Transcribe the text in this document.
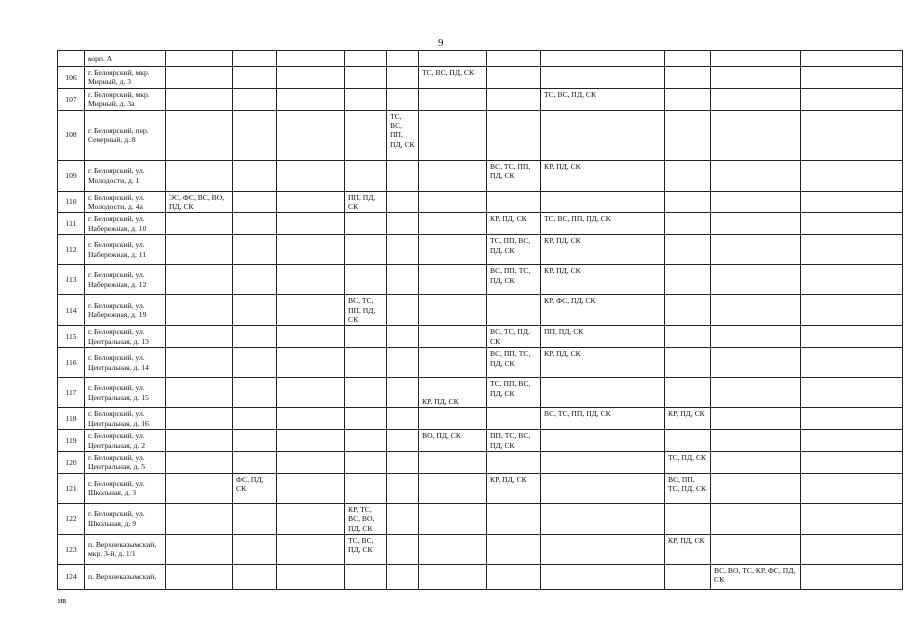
9
	корп. А											
106	г. Белоярский, мкр. Мирный, д. 3						ТС, ВС, ПД, СК					
107	г. Белоярский, мкр. Мирный, д. 3а								ТС, ВС, ПД, СК			
108	г. Белоярский, пер. Северный, д. 8					ТС, ВС, ПП, ПД, СК						
109	г. Белоярский, ул. Молодости, д. 1							ВС, ТС, ПП, ПД, СК	КР, ПД, СК			
110	г. Белоярский, ул. Молодости, д. 4а	ЭС, ФС, ВС, ВО, ПД, СК			ПП, ПД, СК							
111	г. Белоярский, ул. Набережная, д. 10							КР, ПД, СК	ТС, ВС, ПП, ПД, СК			
112	г. Белоярский, ул. Набережная, д. 11							ТС, ПП, ВС, ПД, СК	КР, ПД, СК			
113	г. Белоярский, ул. Набережная, д. 12							ВС, ПП, ТС, ПД, СК	КР, ПД, СК			
114	г. Белоярский, ул. Набережная, д. 19				ВС, ТС, ПП, ПД, СК				КР, ФС, ПД, СК			
115	г. Белоярский, ул. Центральная, д. 13							ВС, ТС, ПД, СК	ПП, ПД, СК			
116	г. Белоярский, ул. Центральная, д. 14							ВС, ПП, ТС, ПД, СК	КР, ПД, СК			
117	г. Белоярский, ул. Центральная, д. 15						КР, ПД, СК	ТС, ПП, ВС, ПД, СК				
118	г. Белоярский, ул. Центральная, д. 16								ВС, ТС, ПП, ПД, СК	КР, ПД, СК		
119	г. Белоярский, ул. Центральная, д. 2						ВО, ПД, СК	ПП, ТС, ВС, ПД, СК				
120	г. Белоярский, ул. Центральная, д. 5									ТС, ПД, СК		
121	г. Белоярский, ул. Школьная, д. 3		ФС, ПД, СК					КР, ПД, СК		ВС, ПП, ТС, ПД, СК		
122	г. Белоярский, ул. Школьная, д. 9				КР, ТС, ВС, ВО, ПД, СК							
123	п. Верхнеказымский, мкр. 3-й, д. 1/1				ТС, ВС, ПД, СК					КР, ПД, СК		
124	п. Верхнеказымский,										ВС, ВО, ТС, КР, ФС, ПД, СК	
ив
